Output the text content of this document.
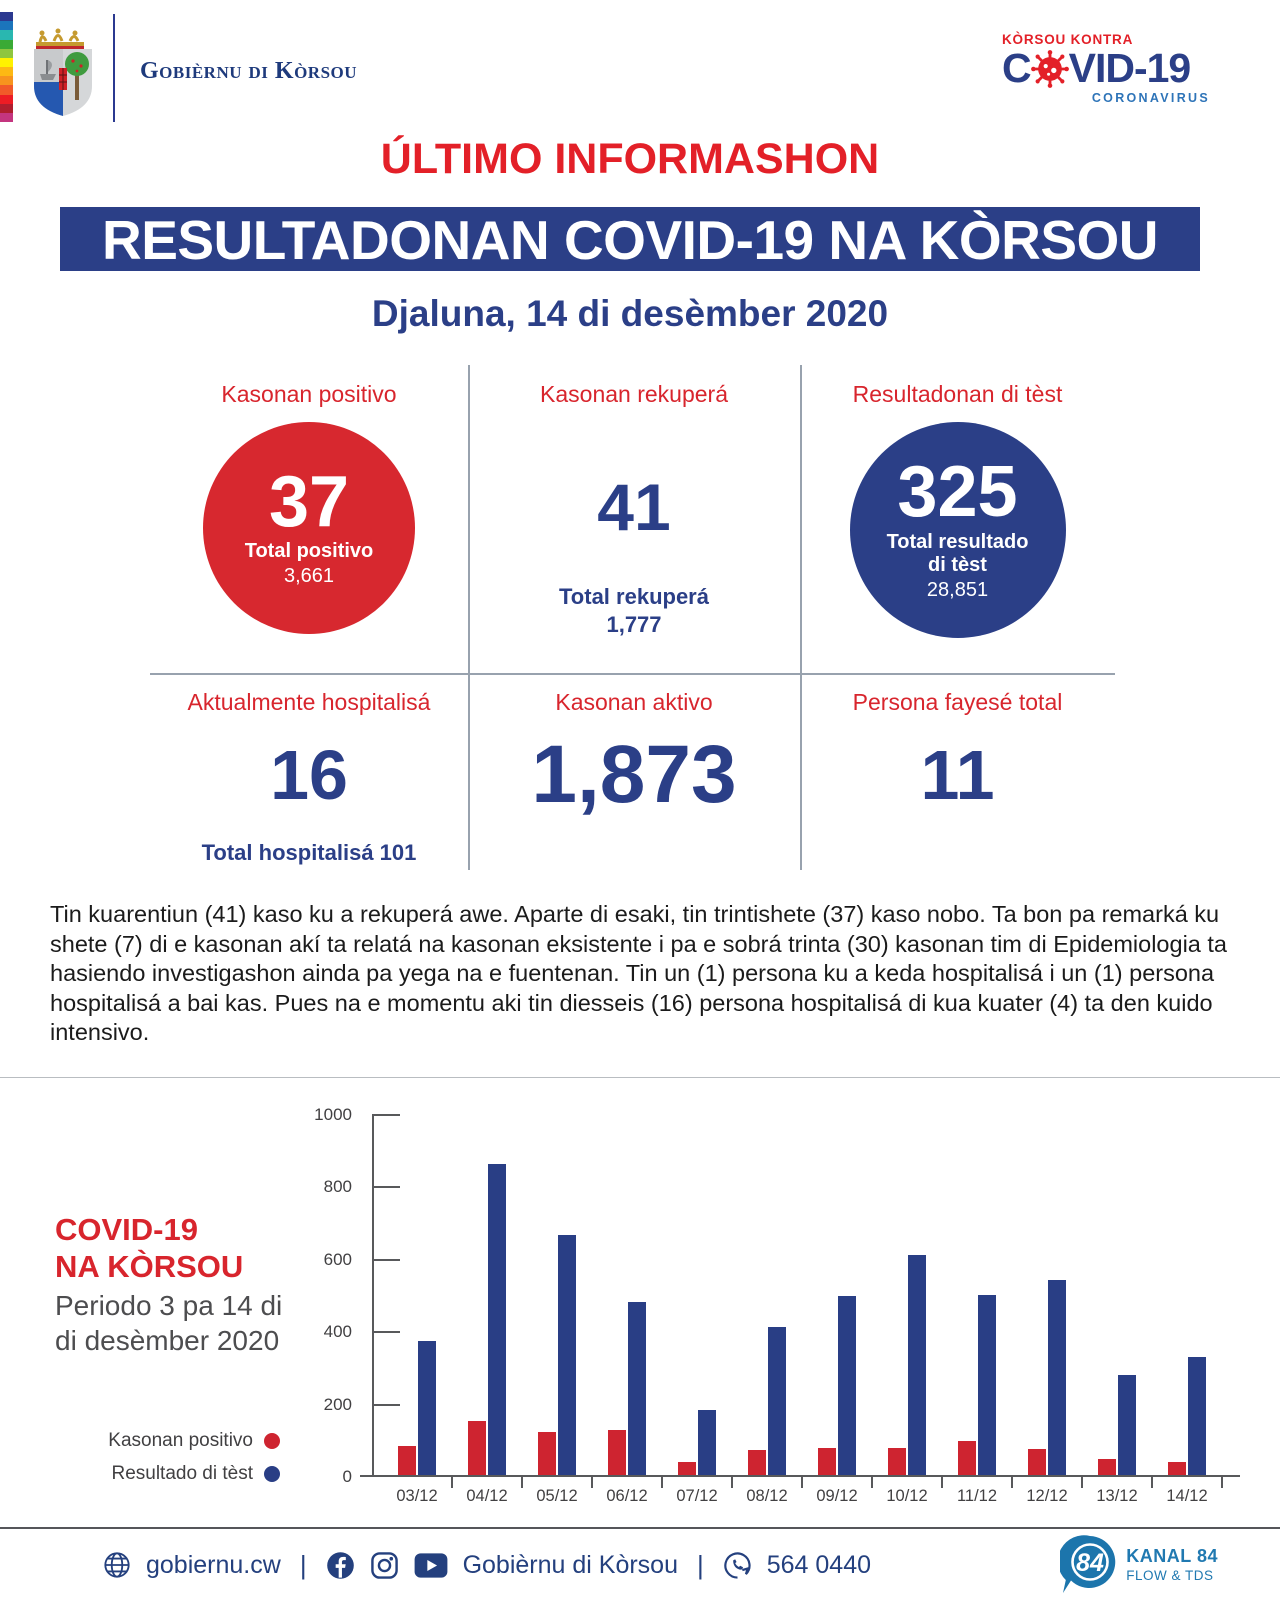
Gobièrnu di Kòrsou
KÒRSOU KONTRA
C VID-19
CORONAVIRUS
ÚLTIMO INFORMASHON
RESULTADONAN COVID-19 NA KÒRSOU
Djaluna, 14 di desèmber 2020
Kasonan positivo
37
Total positivo
3,661
Kasonan rekuperá
41
Total rekuperá
1,777
Resultadonan di tèst
325
Total resultado
di tèst
28,851
Aktualmente hospitalisá
16
Total hospitalisá 101
Kasonan aktivo
1,873
Persona fayesé total
11
Tin kuarentiun (41) kaso ku a rekuperá awe. Aparte di esaki, tin trintishete (37) kaso nobo. Ta bon pa remarká ku shete (7) di e kasonan akí ta relatá na kasonan eksistente i pa e sobrá trinta (30) kasonan tim di Epidemiologia ta hasiendo investigashon ainda pa yega na e fuentenan. Tin un (1) persona ku a keda hospitalisá i un (1) persona hospitalisá a bai kas. Pues na e momentu aki tin diesseis (16) persona hospitalisá di kua kuater (4) ta den kuido intensivo.
COVID-19
NA KÒRSOU
Periodo 3 pa 14 di
di desèmber 2020
Kasonan positivo
Resultado di tèst	0
200
400
600
800
1000
03/12	04/12	05/12	06/12	07/12	08/12	09/12	10/12	11/12	12/12	13/12	14/12
gobiernu.cw |	Gobièrnu di Kòrsou |	564 0440	84 KANAL 84
FLOW & TDS
